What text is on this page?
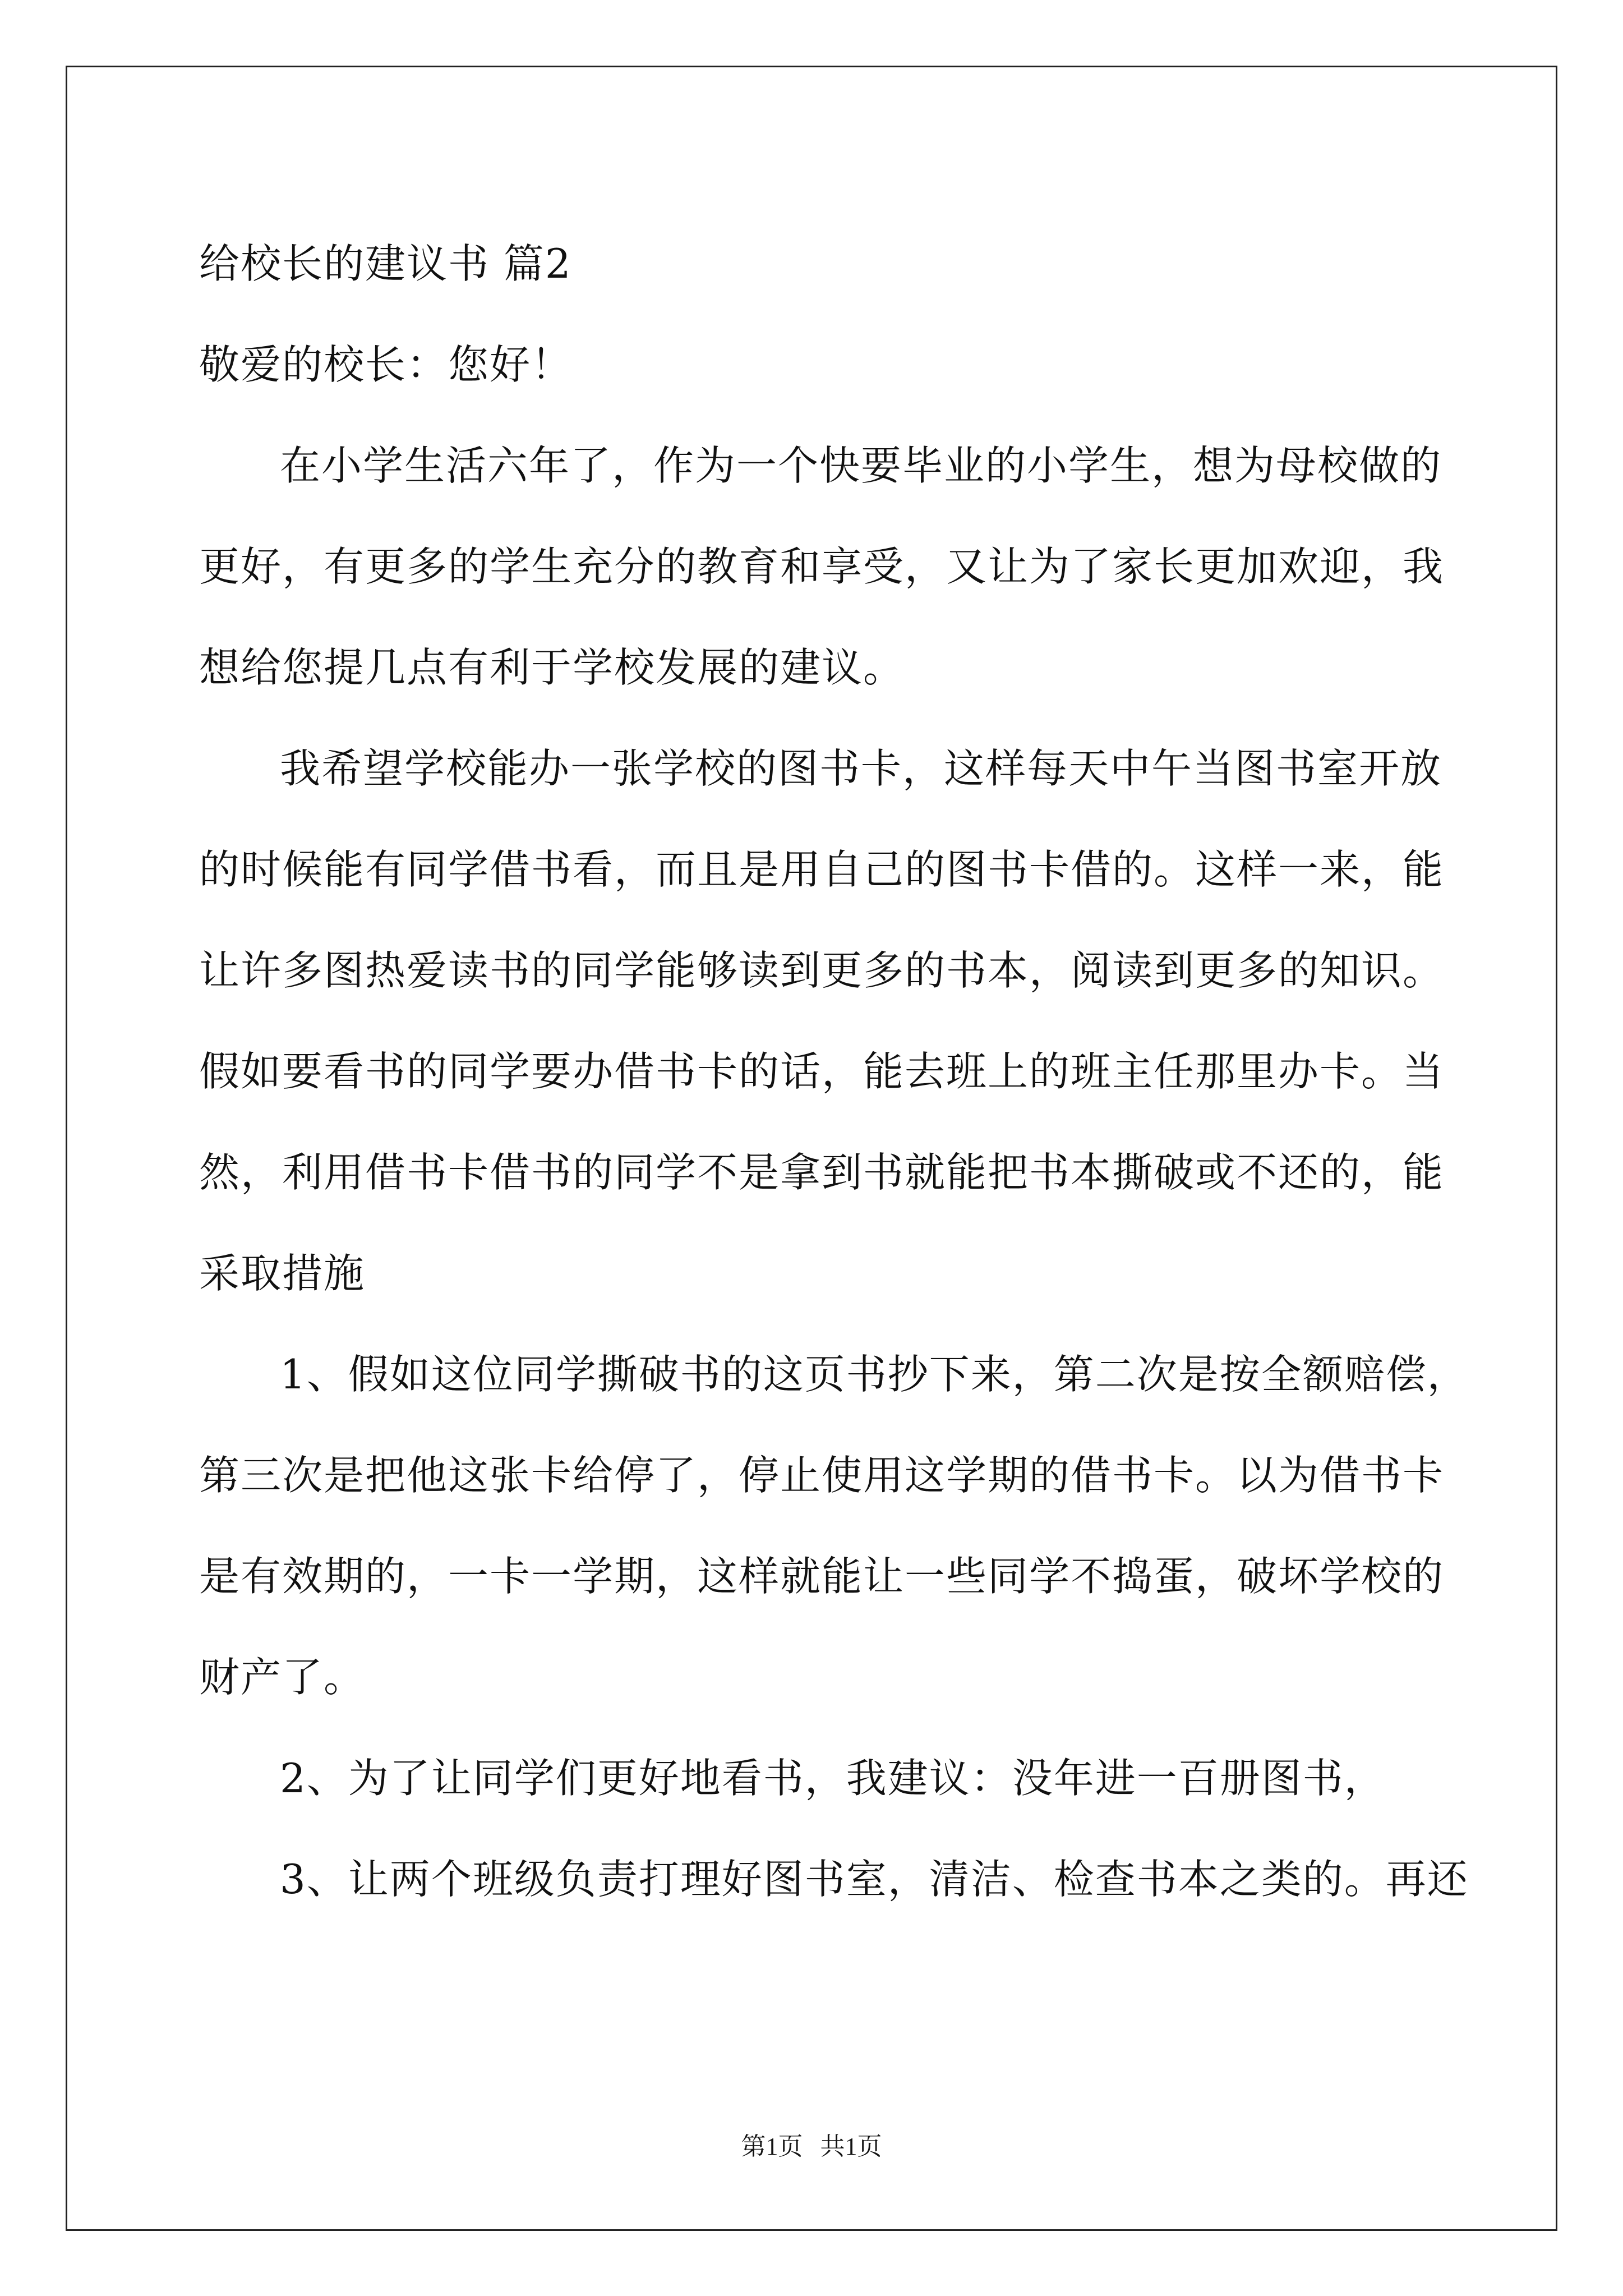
给校长的建议书 篇2
敬爱的校长：您好！
在小学生活六年了，作为一个快要毕业的小学生，想为母校做的
更好，有更多的学生充分的教育和享受，又让为了家长更加欢迎，我
想给您提几点有利于学校发展的建议。
我希望学校能办一张学校的图书卡，这样每天中午当图书室开放
的时候能有同学借书看，而且是用自己的图书卡借的。这样一来，能
让许多图热爱读书的同学能够读到更多的书本，阅读到更多的知识。
假如要看书的同学要办借书卡的话，能去班上的班主任那里办卡。当
然，利用借书卡借书的同学不是拿到书就能把书本撕破或不还的，能
采取措施
1、假如这位同学撕破书的这页书抄下来，第二次是按全额赔偿，
第三次是把他这张卡给停了，停止使用这学期的借书卡。以为借书卡
是有效期的，一卡一学期，这样就能让一些同学不捣蛋，破坏学校的
财产了。
2、为了让同学们更好地看书，我建议：没年进一百册图书，
3、让两个班级负责打理好图书室，清洁、检查书本之类的。再还
第1页 共1页
